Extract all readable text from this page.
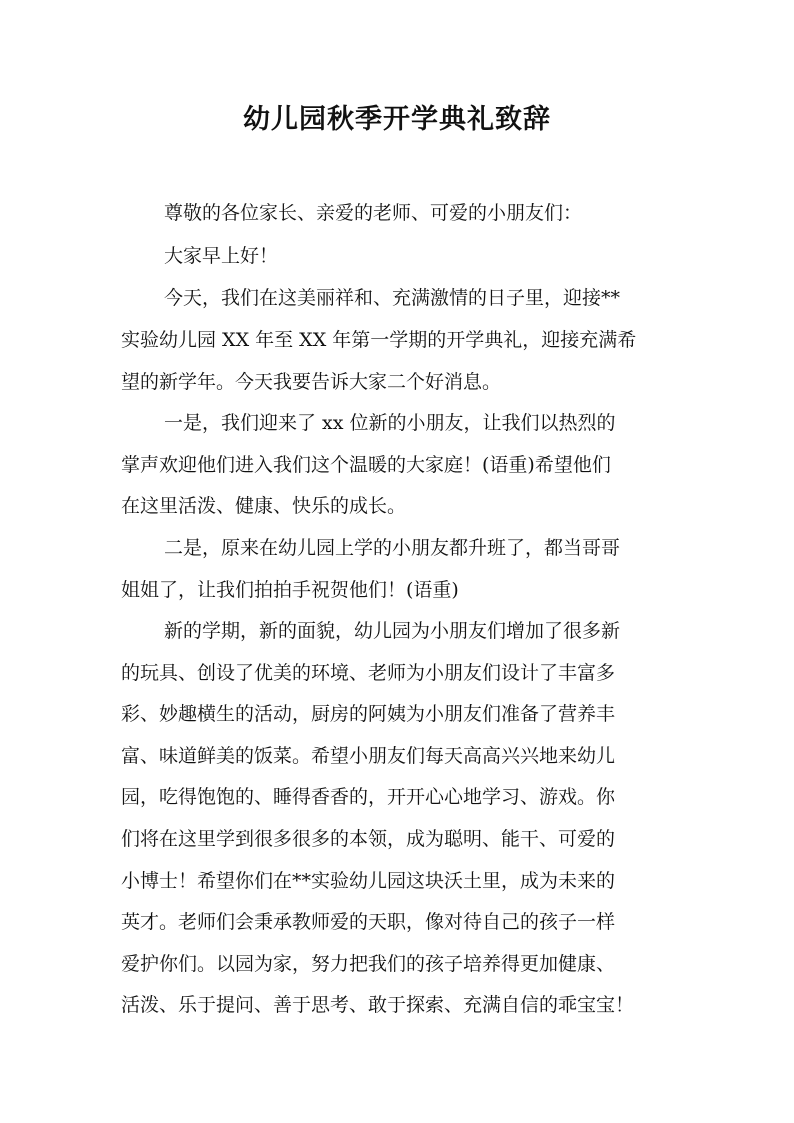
幼儿园秋季开学典礼致辞

尊敬的各位家长、亲爱的老师、可爱的小朋友们：

大家早上好！

今天，我们在这美丽祥和、充满激情的日子里，迎接**

实验幼儿园 XX 年至 XX 年第一学期的开学典礼，迎接充满希

望的新学年。今天我要告诉大家二个好消息。

一是，我们迎来了 xx 位新的小朋友，让我们以热烈的

掌声欢迎他们进入我们这个温暖的大家庭！(语重)希望他们

在这里活泼、健康、快乐的成长。

二是，原来在幼儿园上学的小朋友都升班了，都当哥哥

姐姐了，让我们拍拍手祝贺他们！(语重)

新的学期，新的面貌，幼儿园为小朋友们增加了很多新

的玩具、创设了优美的环境、老师为小朋友们设计了丰富多

彩、妙趣横生的活动，厨房的阿姨为小朋友们准备了营养丰

富、味道鲜美的饭菜。希望小朋友们每天高高兴兴地来幼儿

园，吃得饱饱的、睡得香香的，开开心心地学习、游戏。你

们将在这里学到很多很多的本领，成为聪明、能干、可爱的

小博士！希望你们在**实验幼儿园这块沃土里，成为未来的

英才。老师们会秉承教师爱的天职，像对待自己的孩子一样

爱护你们。以园为家，努力把我们的孩子培养得更加健康、

活泼、乐于提问、善于思考、敢于探索、充满自信的乖宝宝！
